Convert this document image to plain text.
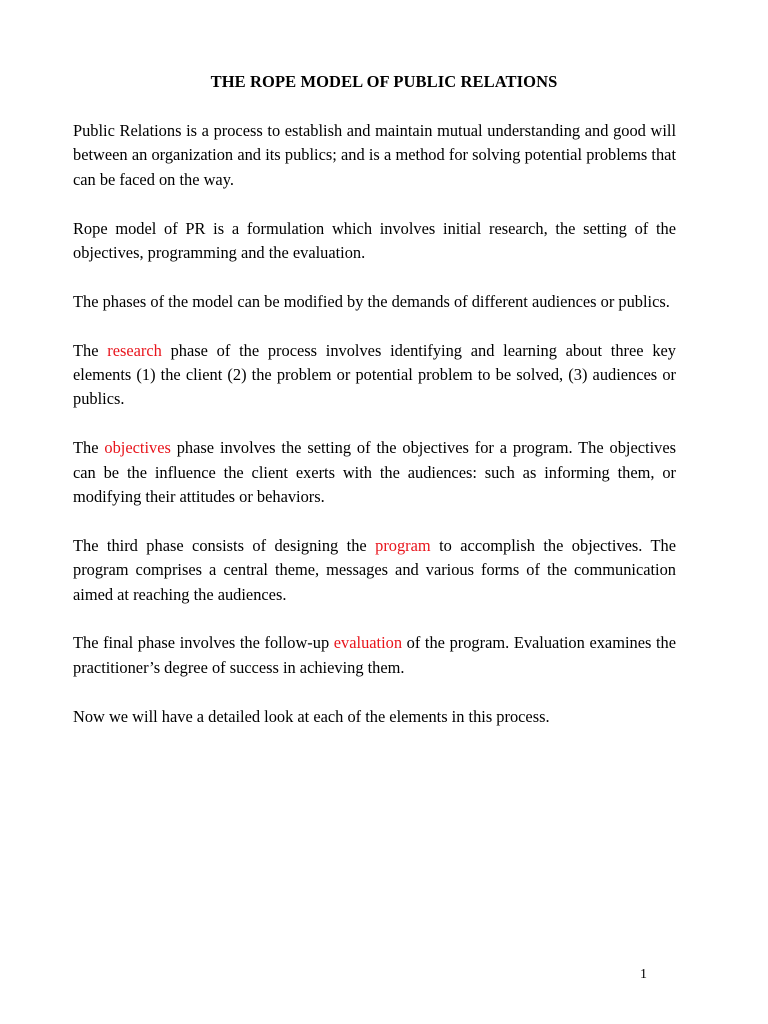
THE ROPE MODEL OF PUBLIC RELATIONS

Public Relations is a process to establish and maintain mutual understanding and good will between an organization and its publics; and is a method for solving potential problems that can be faced on the way.

Rope model of PR is a formulation which involves initial research, the setting of the objectives, programming and the evaluation.

The phases of the model can be modified by the demands of different audiences or publics.

The research phase of the process involves identifying and learning about three key elements (1) the client (2) the problem or potential problem to be solved, (3) audiences or publics.

The objectives phase involves the setting of the objectives for a program. The objectives can be the influence the client exerts with the audiences: such as informing them, or modifying their attitudes or behaviors.

The third phase consists of designing the program to accomplish the objectives. The program comprises a central theme, messages and various forms of the communication aimed at reaching the audiences.

The final phase involves the follow-up evaluation of the program. Evaluation examines the practitioner’s degree of success in achieving them.

Now we will have a detailed look at each of the elements in this process.

1
